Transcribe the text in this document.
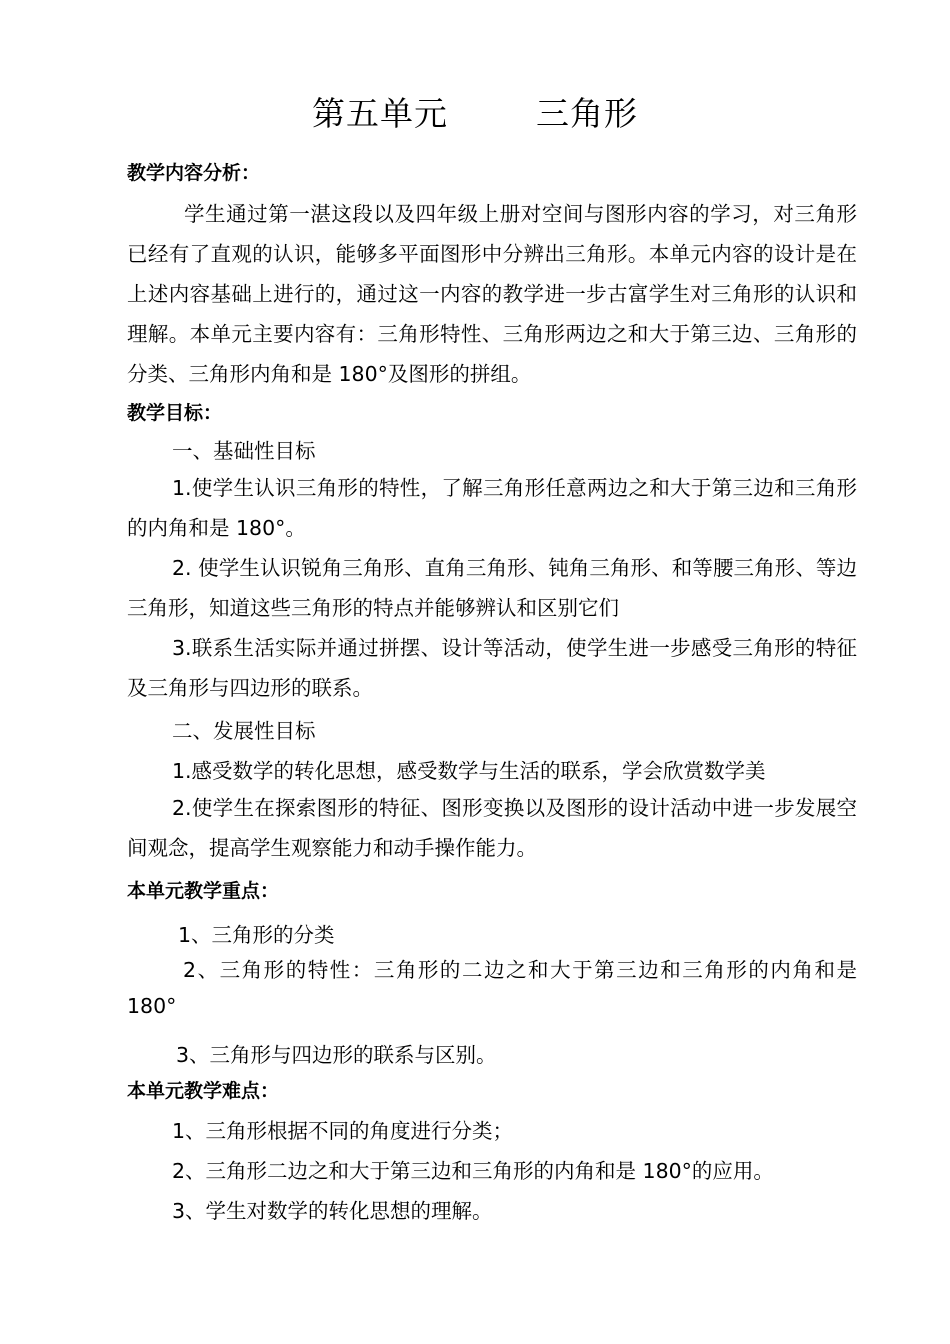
第五单元	三角形
教学内容分析：
学生通过第一湛这段以及四年级上册对空间与图形内容的学习，对三角形已经有了直观的认识，能够多平面图形中分辨出三角形。本单元内容的设计是在上述内容基础上进行的，通过这一内容的教学进一步古富学生对三角形的认识和理解。本单元主要内容有：三角形特性、三角形两边之和大于第三边、三角形的分类、三角形内角和是 180°及图形的拼组。
教学目标：
一、基础性目标
1.使学生认识三角形的特性，了解三角形任意两边之和大于第三边和三角形的内角和是 180°。
2. 使学生认识锐角三角形、直角三角形、钝角三角形、和等腰三角形、等边三角形，知道这些三角形的特点并能够辨认和区别它们
3.联系生活实际并通过拼摆、设计等活动，使学生进一步感受三角形的特征及三角形与四边形的联系。
二、发展性目标
1.感受数学的转化思想，感受数学与生活的联系，学会欣赏数学美
2.使学生在探索图形的特征、图形变换以及图形的设计活动中进一步发展空间观念，提高学生观察能力和动手操作能力。
本单元教学重点：
1、三角形的分类
2、三角形的特性：三角形的二边之和大于第三边和三角形的内角和是 180°
3、三角形与四边形的联系与区别。
本单元教学难点：
1、三角形根据不同的角度进行分类；
2、三角形二边之和大于第三边和三角形的内角和是 180°的应用。
3、学生对数学的转化思想的理解。
